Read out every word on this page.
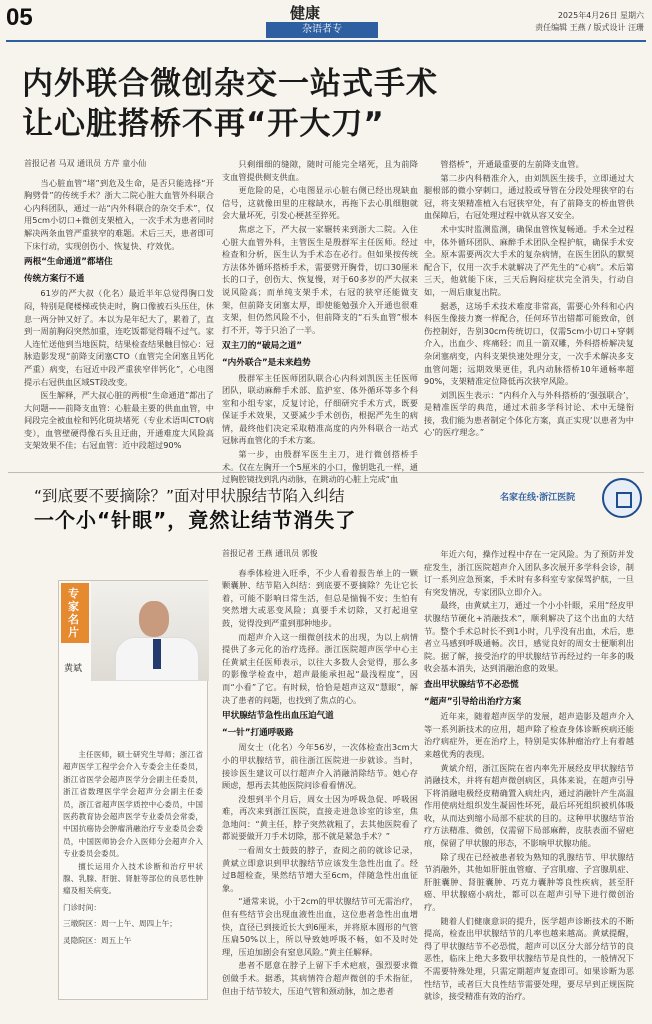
05	健康
杂语者专
2025年4月26日 星期六
责任编辑 王燕 / 版式设计 汪珊
内外联合微创杂交一站式手术
让心脏搭桥不再“开大刀”

首报记者 马双 通讯员 方芹 童小仙

当心脏血管“堵”到危及生命，是否只能选择“开胸劈骨”的传统手术？浙大二院心脏大血管外科联合心内科团队，通过一站“内外科联合的杂交手术”，仅用5cm小切口+微创支架植入，一次手术为患者同时解决两条血管严重狭窄的难题。术后三天，患者即可下床行动，实现创伤小、恢复快、疗效优。

两根“生命通道”都堵住

传统方案行不通

61岁的严大叔（化名）最近半年总觉得胸口发闷，特别是爬楼梯或快走时，胸口像被石头压住，休息一两分钟又好了。本以为是年纪大了，累着了，直到一周前胸闷突然加重，连吃饭都觉得喘不过气。家人连忙送他到当地医院，结果检查结果触目惊心：冠脉造影发现“前降支闭塞CTO（血管完全闭塞且钙化严重）病变，右冠近中段严重狭窄伴钙化”，心电图提示右冠供血区域ST段改变。

医生解释，严大叔心脏的两根“生命通道”都出了大问题——前降支血管：心脏最主要的供血血管，中间段完全被血栓和钙化斑块堵死（专业术语叫CTO病变），血管壁硬得像石头且迂曲，开通难度大风险高支架效果不佳；右冠血管：近中段超过90%

只剩细细的缝隙，随时可能完全堵死，且为前降支血管提供侧支供血。

更危险的是，心电图显示心脏右侧已经出现缺血信号，这就像田里的庄稼缺水，再拖下去心肌细胞就会大量坏死，引发心梗甚至猝死。

焦虑之下，严大叔一家辗转来到浙大二院。入住心脏大血管外科，主管医生是殷群军主任医师。经过检查和分析，医生认为手术态在必行。但如果按传统方法体外循环搭桥手术，需要劈开胸骨，切口30厘米长的口子，创伤大、恢复慢，对于60多岁的严大叔来说风险高；而单纯支架手术，右冠的狭窄还能做支架，但前降支闭塞太厚，即使能勉强介入开通也很难支架，但仍然风险不小，但前降支的“石头血管”根本打不开，等于只治了一半。

双主刀的“破局之道”

“内外联合”是未来趋势

殷群军主任医师团队联合心内科刘凯医主任医师团队，联动麻醉手术部、监护室、体外循环等多个科室和小组专家，反复讨论，仔细研究手术方式，既要保证手术效果，又要减少手术创伤，根据严先生的病情，最终他们决定采取精准高度的内外科联合一站式冠脉再血管化的手术方案。

第一步，由殷群军医生主刀，进行微创搭桥手术。仅在左胸开一个5厘米的小口，像钥匙孔一样，通过胸腔镜找到乳内动脉，在跳动的心脏上完成“血

管搭桥”，开通最重要的左前降支血管。

第二步内科精准介入，由刘凯医生接手，立即通过大腿根部的微小穿刺口，通过股或导管在分段处理狭窄的右冠，将支架精准植入右冠狭窄处，有了前降支的桥血管供血保障后，右冠处理过程中就从容又安全。

术中实时监测监测，确保血管恢复畅通。手术全过程中，体外循环团队、麻醉手术团队全程护航，确保手术安全。原本需要两次大手术的复杂病情，在医生团队的默契配合下，仅用一次手术就解决了严先生的“心病”。术后第三天，他就能下床，三天后胸闷症状完全消失，行动自如，一周后康复出院。

据悉，这场手术技术难度非常高，需要心外科和心内科医生像接力赛一样配合，任何环节出错都可能致命，创伤控制好，告别30cm传统切口，仅需5cm小切口+穿刺介入，出血少、疼痛轻；而且一箭双雕，外科搭桥解决复杂闭塞病变，内科支架快速处理分支，一次手术解决多支血管问题；远期效果更佳，乳内动脉搭桥10年通畅率超90%，支架精准定位降低再次狭窄风险。

刘凯医生表示：“内科介入与外科搭桥的‘强强联合’，是精准医学的典范，通过术前多学科讨论、术中无缝衔接，我们能为患者制定个体化方案，真正实现‘以患者为中心’的医疗理念。”

“到底要不要摘除？”面对甲状腺结节陷入纠结
一个小“针眼”，竟然让结节消失了
名家在线·浙江医院
专家名片
黄斌

主任医师，硕士研究生导师；浙江省超声医学工程学会介入专委会主任委员，浙江省医学会超声医学分会副主任委员，浙江省数理医学学会超声分会副主任委员，浙江省超声医学质控中心委员，中国医药教育协会超声医学专业委员会常委，中国抗癌协会肿瘤消融治疗专业委员会委员，中国医师协会介入医师分会超声介入专业委员会委员。

擅长运用介入技术诊断和治疗甲状腺、乳腺、肝脏、肾脏等部位的良恶性肿瘤及相关病变。

门诊时间：

三墩院区：周一上午、周四上午；

灵隐院区：周五上午

首报记者 王燕 通讯员 郭俊

春季体检进入旺季，不少人看着报告单上的一颗颗囊肿、结节陷入纠结：到底要不要摘除？先让它长着，可能不影响日常生活，但总是惴惴不安；生怕有突然增大或恶变风险；真要手术切除，又打起退堂鼓，觉得没到严重到那种地步。

而超声介入这一细微创技术的出现，为以上病情提供了多元化的治疗选择。浙江医院超声医学中心主任黄斌主任医师表示，以往大多数人会觉得，那么多的影像学检查中，超声最能承担起“最浅程度”，因而“小看”了它。有时候，恰恰是超声这双“慧眼”，解决了患者的问题，也找到了焦点的心。

甲状腺结节急性出血压迫气道

“一针”打通呼吸路

周女士（化名）今年56岁，一次体检查出3cm大小的甲状腺结节，前往浙江医院进一步就诊。当时，接诊医生建议可以行超声介入消融消除结节。她心存顾虑，想再去其他医院问诊看看情况。

没想到半个月后，周女士因为呼吸急促、呼吸困难，再次来到浙江医院，直接走进急诊室的诊室，焦急地问：“黄主任，脖子突然就粗了，去其他医院看了都说要做开刀手术切除，那不就是紧急手术？”

一看周女士鼓鼓的脖子，查阅之前的就诊记录，黄斌立即意识到甲状腺结节应该发生急性出血了。经过B超检查，果然结节增大至6cm，伴随急性出血征象。

“通常来说，小于2cm的甲状腺结节可无需治疗，但有些结节会出现血液性出血，这位患者急性出血增快，直径已到接近长大到6厘米，并将原本圆形的气管压扁50%以上，所以导致她呼吸不畅，如不及时处理，压迫加剧会有窒息风险。”黄主任解释。

患者不愿意在脖子上留下手术疤痕，强烈要求微创做手术。据悉，其病情符合超声微创的手术指征，但由于结节较大，压迫气管和颈动脉，加之患者

年近六旬，操作过程中存在一定风险。为了预防并发症发生，浙江医院超声介入团队多次展开多学科会诊，制订一系列应急预案，手术时有多科室专家保驾护航，一旦有突发情况，专家团队立即介入。

最终，由黄斌主刀，通过一个小小针眼，采用“经皮甲状腺结节硬化+消融技术”，顺利解决了这个出血的大结节。整个手术总时长不到1小时，几乎没有出血，术后，患者立马感到呼吸通畅。次日，感觉良好的周女士便顺利出院。据了解，接受治疗的甲状腺结节再经过约一年多的吸收会基本消失，达到消融治愈的效果。

查出甲状腺结节不必恐慌

“超声”引导给出治疗方案

近年来，随着超声医学的发展，超声造影及超声介入等一系列新技术的应用，超声除了检查身体诊断疾病还能治疗病症外，更在治疗上，特别是实体肿瘤治疗上有着越来越优秀的表现。

黄斌介绍，浙江医院在省内率先开展经皮甲状腺结节消融技术，并将有超声微创病区，具体来说，在超声引导下将消融电极经皮精确置入病灶内，通过消融针产生高温作用使病灶组织发生凝固性坏死，最后坏死组织被机体吸收，从而达到缩小局部不症状的目的。这种甲状腺结节治疗方法精准、微创，仅需留下局部麻醉，皮肤表面不留疤痕，保留了甲状腺的形态，不影响甲状腺功能。

除了现在已经被患者较为熟知的乳腺结节、甲状腺结节消融外，其他如肝脏血管瘤、子宫肌瘤、子宫腺肌症、肝脏囊肿、肾脏囊肿、巧克力囊肿等良性疾病，甚至肝癌、甲状腺癌小病灶，都可以在超声引导下进行微创治疗。

随着人们健康意识的提升，医学超声诊断技术的不断提高，检查出甲状腺结节的几率也越来越高。黄斌提醒，得了甲状腺结节不必恐慌，超声可以区分大部分结节的良恶性，临床上绝大多数甲状腺结节是良性的，一般情况下不需要特殊处理，只需定期超声复查即可。如果诊断为恶性结节，或者巨大良性结节需要处理，要尽早到正规医院就诊，接受精准有效的治疗。
